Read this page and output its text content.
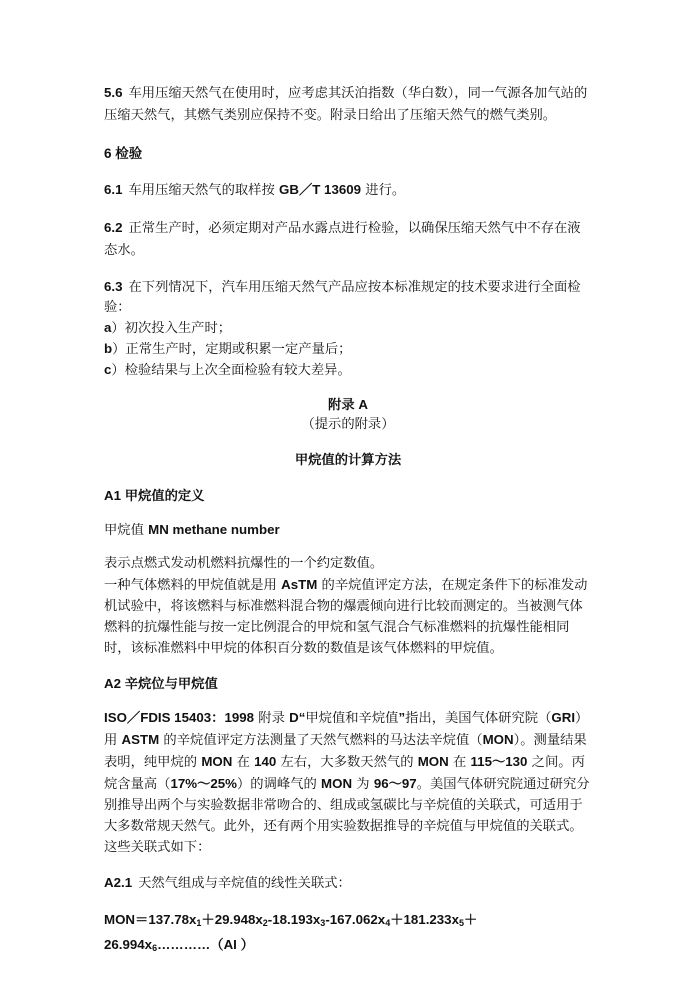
5.6 车用压缩天然气在使用时，应考虑其沃泊指数（华白数），同一气源各加气站的压缩天然气，其燃气类别应保持不变。附录日给出了压缩天然气的燃气类别。

6 检验

6.1 车用压缩天然气的取样按 GB／T 13609 进行。

6.2 正常生产时，必须定期对产品水露点进行检验，以确保压缩天然气中不存在液态水。

6.3 在下列情况下，汽车用压缩天然气产品应按本标准规定的技术要求进行全面检验：

a）初次投入生产时；

b）正常生产时，定期或积累一定产量后；

c）检验结果与上次全面检验有较大差异。

附录 A

（提示的附录）

甲烷值的计算方法

A1 甲烷值的定义

甲烷值 MN methane number

表示点燃式发动机燃料抗爆性的一个约定数值。

一种气体燃料的甲烷值就是用 AsTM 的辛烷值评定方法，在规定条件下的标准发动机试验中，将该燃料与标准燃料混合物的爆震倾向进行比较而测定的。当被测气体燃料的抗爆性能与按一定比例混合的甲烷和氢气混合气标准燃料的抗爆性能相同时，该标准燃料中甲烷的体积百分数的数值是该气体燃料的甲烷值。

A2 辛烷位与甲烷值

ISO／FDIS 15403：1998 附录 D“甲烷值和辛烷值”指出，美国气体研究院（GRI）用 ASTM 的辛烷值评定方法测量了天然气燃料的马达法辛烷值（MON）。测量结果表明，纯甲烷的 MON 在 140 左右，大多数天然气的 MON 在 115～130 之间。丙烷含量高（17%～25%）的调峰气的 MON 为 96～97。美国气体研究院通过研究分别推导出两个与实验数据非常吻合的、组成或氢碳比与辛烷值的关联式，可适用于大多数常规天然气。此外，还有两个用实验数据推导的辛烷值与甲烷值的关联式。这些关联式如下：

A2.1 天然气组成与辛烷值的线性关联式：

$MON=137.78x_1+29.948x_2-18.193x_3-167.062x_4+181.233x_5+$
$26.994x_6\dots\dots\dots\dots(AI$ ）
